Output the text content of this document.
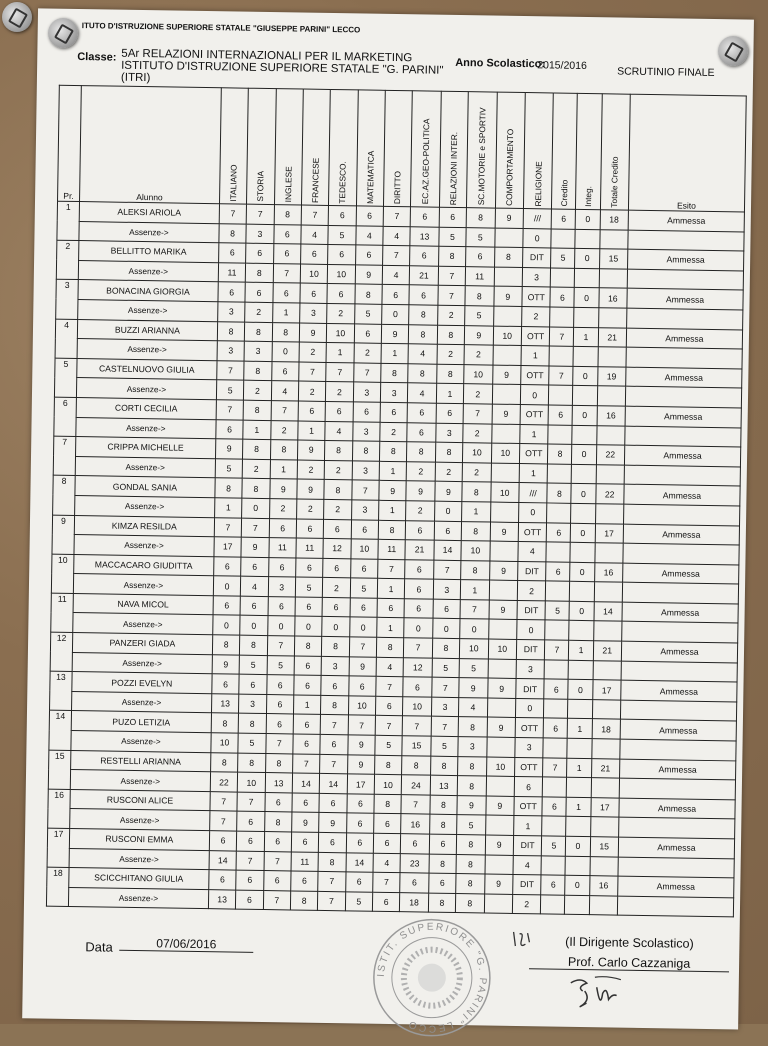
ITUTO D'ISTRUZIONE SUPERIORE STATALE "GIUSEPPE PARINI" LECCO
Classe: 5Ar RELAZIONI INTERNAZIONALI PER IL MARKETING ISTITUTO D'ISTRUZIONE SUPERIORE STATALE "G. PARINI" (ITRI)
Anno Scolastico:
2015/2016	SCRUTINIO FINALE
Pr.	Alunno	ITALIANO	STORIA	INGLESE	FRANCESE	TEDESCO.	MATEMATICA	DIRITTO	EC.AZ.GEO-POLITICA	RELAZIONI INTER.	SC.MOTORIE e SPORTIV	COMPORTAMENTO	RELIGIONE	Credito	Integ.	Totale Credito	Esito
1	ALEKSI ARIOLA	7	7	8	7	6	6	7	6	6	8	9	///	6	0	18	Ammessa
	Assenze->	8	3	6	4	5	4	4	13	5	5		0				
2	BELLITTO MARIKA	6	6	6	6	6	6	7	6	8	6	8	DIT	5	0	15	Ammessa
	Assenze->	11	8	7	10	10	9	4	21	7	11		3				
3	BONACINA GIORGIA	6	6	6	6	6	8	6	6	7	8	9	OTT	6	0	16	Ammessa
	Assenze->	3	2	1	3	2	5	0	8	2	5		2				
4	BUZZI ARIANNA	8	8	8	9	10	6	9	8	8	9	10	OTT	7	1	21	Ammessa
	Assenze->	3	3	0	2	1	2	1	4	2	2		1				
5	CASTELNUOVO GIULIA	7	8	6	7	7	7	8	8	8	10	9	OTT	7	0	19	Ammessa
	Assenze->	5	2	4	2	2	3	3	4	1	2		0				
6	CORTI CECILIA	7	8	7	6	6	6	6	6	6	7	9	OTT	6	0	16	Ammessa
	Assenze->	6	1	2	1	4	3	2	6	3	2		1				
7	CRIPPA MICHELLE	9	8	8	9	8	8	8	8	8	10	10	OTT	8	0	22	Ammessa
	Assenze->	5	2	1	2	2	3	1	2	2	2		1				
8	GONDAL SANIA	8	8	9	9	8	7	9	9	9	8	10	///	8	0	22	Ammessa
	Assenze->	1	0	2	2	2	3	1	2	0	1		0				
9	KIMZA RESILDA	7	7	6	6	6	6	8	6	6	8	9	OTT	6	0	17	Ammessa
	Assenze->	17	9	11	11	12	10	11	21	14	10		4				
10	MACCACARO GIUDITTA	6	6	6	6	6	6	7	6	7	8	9	DIT	6	0	16	Ammessa
	Assenze->	0	4	3	5	2	5	1	6	3	1		2				
11	NAVA MICOL	6	6	6	6	6	6	6	6	6	7	9	DIT	5	0	14	Ammessa
	Assenze->	0	0	0	0	0	0	1	0	0	0		0				
12	PANZERI GIADA	8	8	7	8	8	7	8	7	8	10	10	DIT	7	1	21	Ammessa
	Assenze->	9	5	5	6	3	9	4	12	5	5		3				
13	POZZI EVELYN	6	6	6	6	6	6	7	6	7	9	9	DIT	6	0	17	Ammessa
	Assenze->	13	3	6	1	8	10	6	10	3	4		0				
14	PUZO LETIZIA	8	8	6	6	7	7	7	7	7	8	9	OTT	6	1	18	Ammessa
	Assenze->	10	5	7	6	6	9	5	15	5	3		3				
15	RESTELLI ARIANNA	8	8	8	7	7	9	8	8	8	8	10	OTT	7	1	21	Ammessa
	Assenze->	22	10	13	14	14	17	10	24	13	8		6				
16	RUSCONI ALICE	7	7	6	6	6	6	8	7	8	9	9	OTT	6	1	17	Ammessa
	Assenze->	7	6	8	9	9	6	6	16	8	5		1				
17	RUSCONI EMMA	6	6	6	6	6	6	6	6	6	8	9	DIT	5	0	15	Ammessa
	Assenze->	14	7	7	11	8	14	4	23	8	8		4				
18	SCICCHITANO GIULIA	6	6	6	6	7	6	7	6	6	8	9	DIT	6	0	16	Ammessa
	Assenze->	13	6	7	8	7	5	6	18	8	8		2				
Data	07/06/2016	(Il Dirigente Scolastico)
Prof. Carlo Cazzaniga
ISTIT. SUPERIORE "G. PARINI" LECCO
